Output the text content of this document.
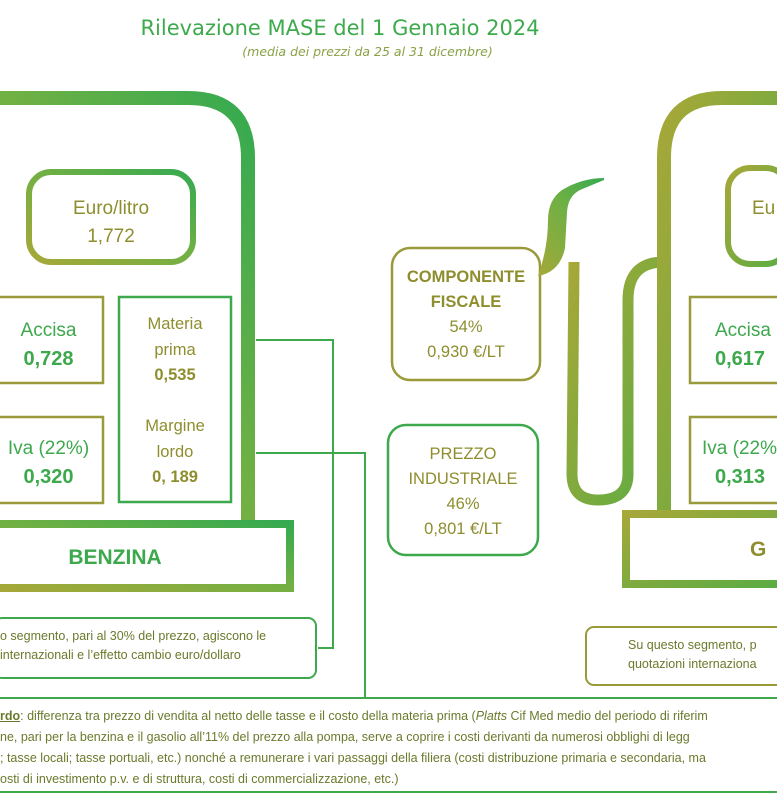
Rilevazione MASE del 1 Gennaio 2024
(media dei prezzi da 25 al 31 dicembre)
Euro/litro
1,772
Accisa
0,728
Iva (22%)
0,320
Materia
prima
0,535
Margine
lordo
0, 189
BENZINA
o segmento, pari al 30% del prezzo, agiscono le
internazionali e l’effetto cambio euro/dollaro
COMPONENTE
FISCALE
54%
0,930 €/LT
PREZZO
INDUSTRIALE
46%
0,801 €/LT
Eu
Accisa
0,617
Iva (22%
0,313
G
Su questo segmento, p
quotazioni internaziona
rdo: differenza tra prezzo di vendita al netto delle tasse e il costo della materia prima (Platts Cif Med medio del periodo di riferim
ne, pari per la benzina e il gasolio all’11% del prezzo alla pompa, serve a coprire i costi derivanti da numerosi obblighi di legg
; tasse locali; tasse portuali, etc.) nonché a remunerare i vari passaggi della filiera (costi distribuzione primaria e secondaria, ma
osti di investimento p.v. e di struttura, costi di commercializzazione, etc.)
